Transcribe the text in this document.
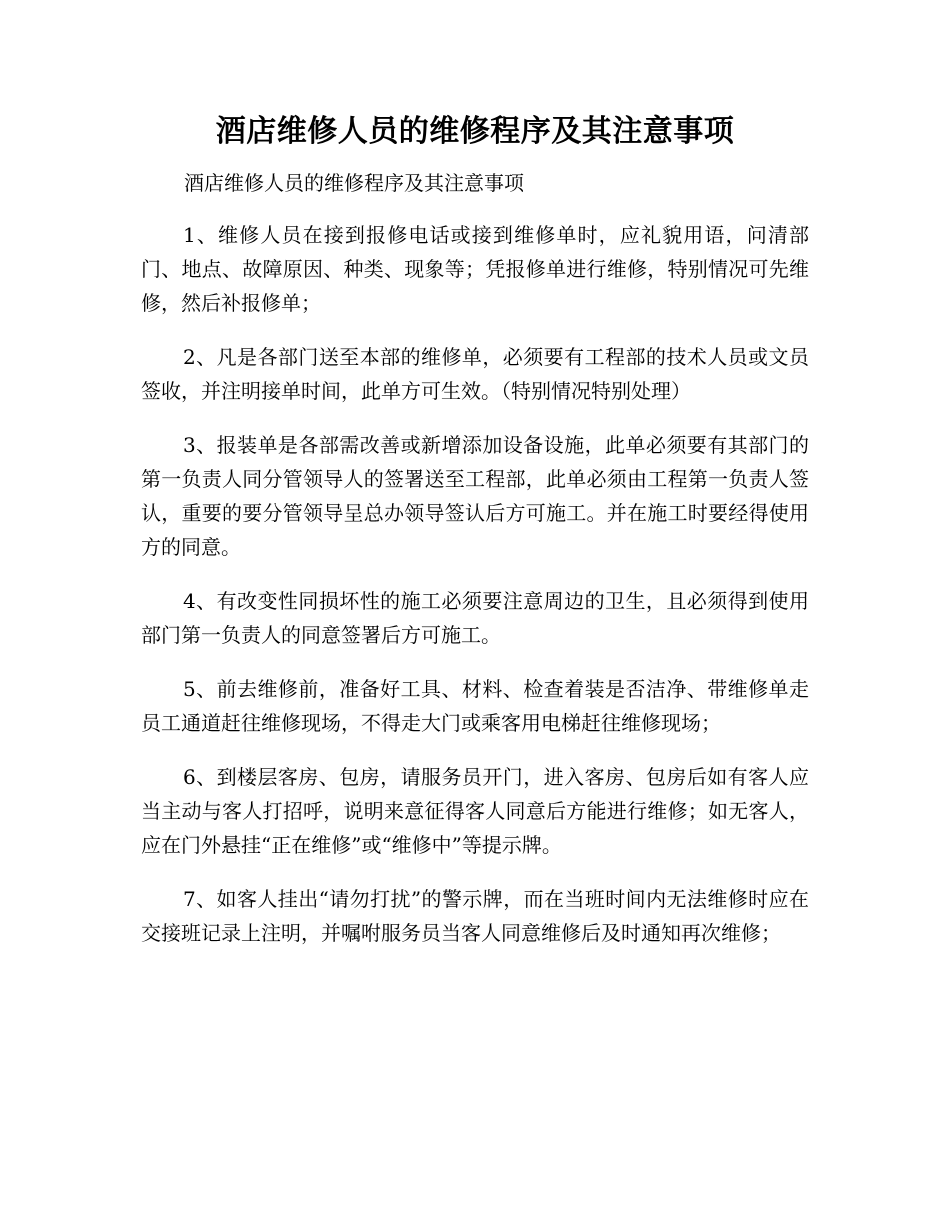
酒店维修人员的维修程序及其注意事项
酒店维修人员的维修程序及其注意事项

1、维修人员在接到报修电话或接到维修单时，应礼貌用语，问清部门、地点、故障原因、种类、现象等；凭报修单进行维修，特别情况可先维修，然后补报修单；

2、凡是各部门送至本部的维修单，必须要有工程部的技术人员或文员签收，并注明接单时间，此单方可生效。（特别情况特别处理）

3、报装单是各部需改善或新增添加设备设施，此单必须要有其部门的第一负责人同分管领导人的签署送至工程部，此单必须由工程第一负责人签认，重要的要分管领导呈总办领导签认后方可施工。并在施工时要经得使用方的同意。

4、有改变性同损坏性的施工必须要注意周边的卫生，且必须得到使用部门第一负责人的同意签署后方可施工。

5、前去维修前，准备好工具、材料、检查着装是否洁净、带维修单走员工通道赶往维修现场，不得走大门或乘客用电梯赶往维修现场；

6、到楼层客房、包房，请服务员开门，进入客房、包房后如有客人应当主动与客人打招呼，说明来意征得客人同意后方能进行维修；如无客人，应在门外悬挂“正在维修”或“维修中”等提示牌。

7、如客人挂出“请勿打扰”的警示牌，而在当班时间内无法维修时应在交接班记录上注明，并嘱咐服务员当客人同意维修后及时通知再次维修；
